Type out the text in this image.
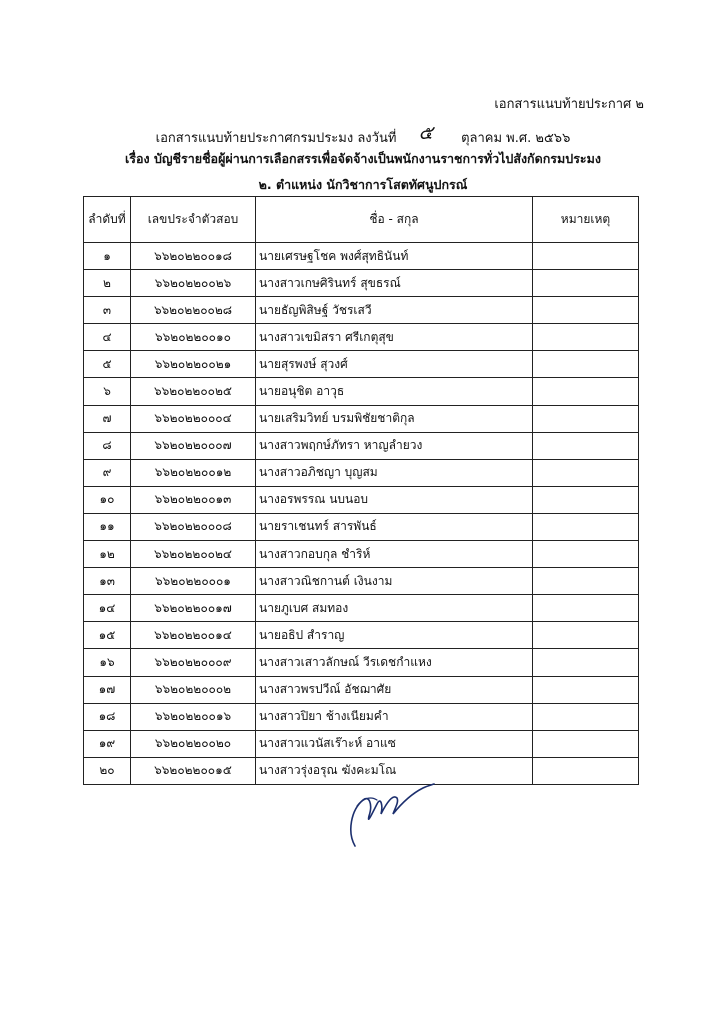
เอกสารแนบท้ายประกาศ ๒
เอกสารแนบท้ายประกาศกรมประมง ลงวันที่ ๕ ตุลาคม พ.ศ. ๒๕๖๖
เรื่อง บัญชีรายชื่อผู้ผ่านการเลือกสรรเพื่อจัดจ้างเป็นพนักงานราชการทั่วไปสังกัดกรมประมง
๒. ตำแหน่ง นักวิชาการโสตทัศนูปกรณ์
ลำดับที่	เลขประจำตัวสอบ	ชื่อ - สกุล	หมายเหตุ
๑	๖๖๒๐๒๒๐๐๑๘	นายเศรษฐโชค พงศ์สุทธินันท์	
๒	๖๖๒๐๒๒๐๐๒๖	นางสาวเกษศิรินทร์ สุขธรณ์	
๓	๖๖๒๐๒๒๐๐๒๘	นายธัญพิสิษฐ์ วัชรเสวี	
๔	๖๖๒๐๒๒๐๐๑๐	นางสาวเขมิสรา ศรีเกตุสุข	
๕	๖๖๒๐๒๒๐๐๒๑	นายสุรพงษ์ สุวงศ์	
๖	๖๖๒๐๒๒๐๐๒๕	นายอนุชิต อาวุธ	
๗	๖๖๒๐๒๒๐๐๐๔	นายเสริมวิทย์ บรมพิชัยชาติกุล	
๘	๖๖๒๐๒๒๐๐๐๗	นางสาวพฤกษ์ภัทรา หาญลำยวง	
๙	๖๖๒๐๒๒๐๐๑๒	นางสาวอภิชญา บุญสม	
๑๐	๖๖๒๐๒๒๐๐๑๓	นางอรพรรณ นบนอบ	
๑๑	๖๖๒๐๒๒๐๐๐๘	นายราเชนทร์ สารพันธ์	
๑๒	๖๖๒๐๒๒๐๐๒๔	นางสาวกอบกุล ชำริห์	
๑๓	๖๖๒๐๒๒๐๐๐๑	นางสาวณิชกานต์ เงินงาม	
๑๔	๖๖๒๐๒๒๐๐๑๗	นายภูเบศ สมทอง	
๑๕	๖๖๒๐๒๒๐๐๑๔	นายอธิป สำราญ	
๑๖	๖๖๒๐๒๒๐๐๐๙	นางสาวเสาวลักษณ์ วีรเดชกำแหง	
๑๗	๖๖๒๐๒๒๐๐๐๒	นางสาวพรปวีณ์ อัชฌาศัย	
๑๘	๖๖๒๐๒๒๐๐๑๖	นางสาวปิยา ช้างเนียมคำ	
๑๙	๖๖๒๐๒๒๐๐๒๐	นางสาวแวนัสเร๊าะห์ อาแซ	
๒๐	๖๖๒๐๒๒๐๐๑๕	นางสาวรุ่งอรุณ ฆังคะมโณ	
